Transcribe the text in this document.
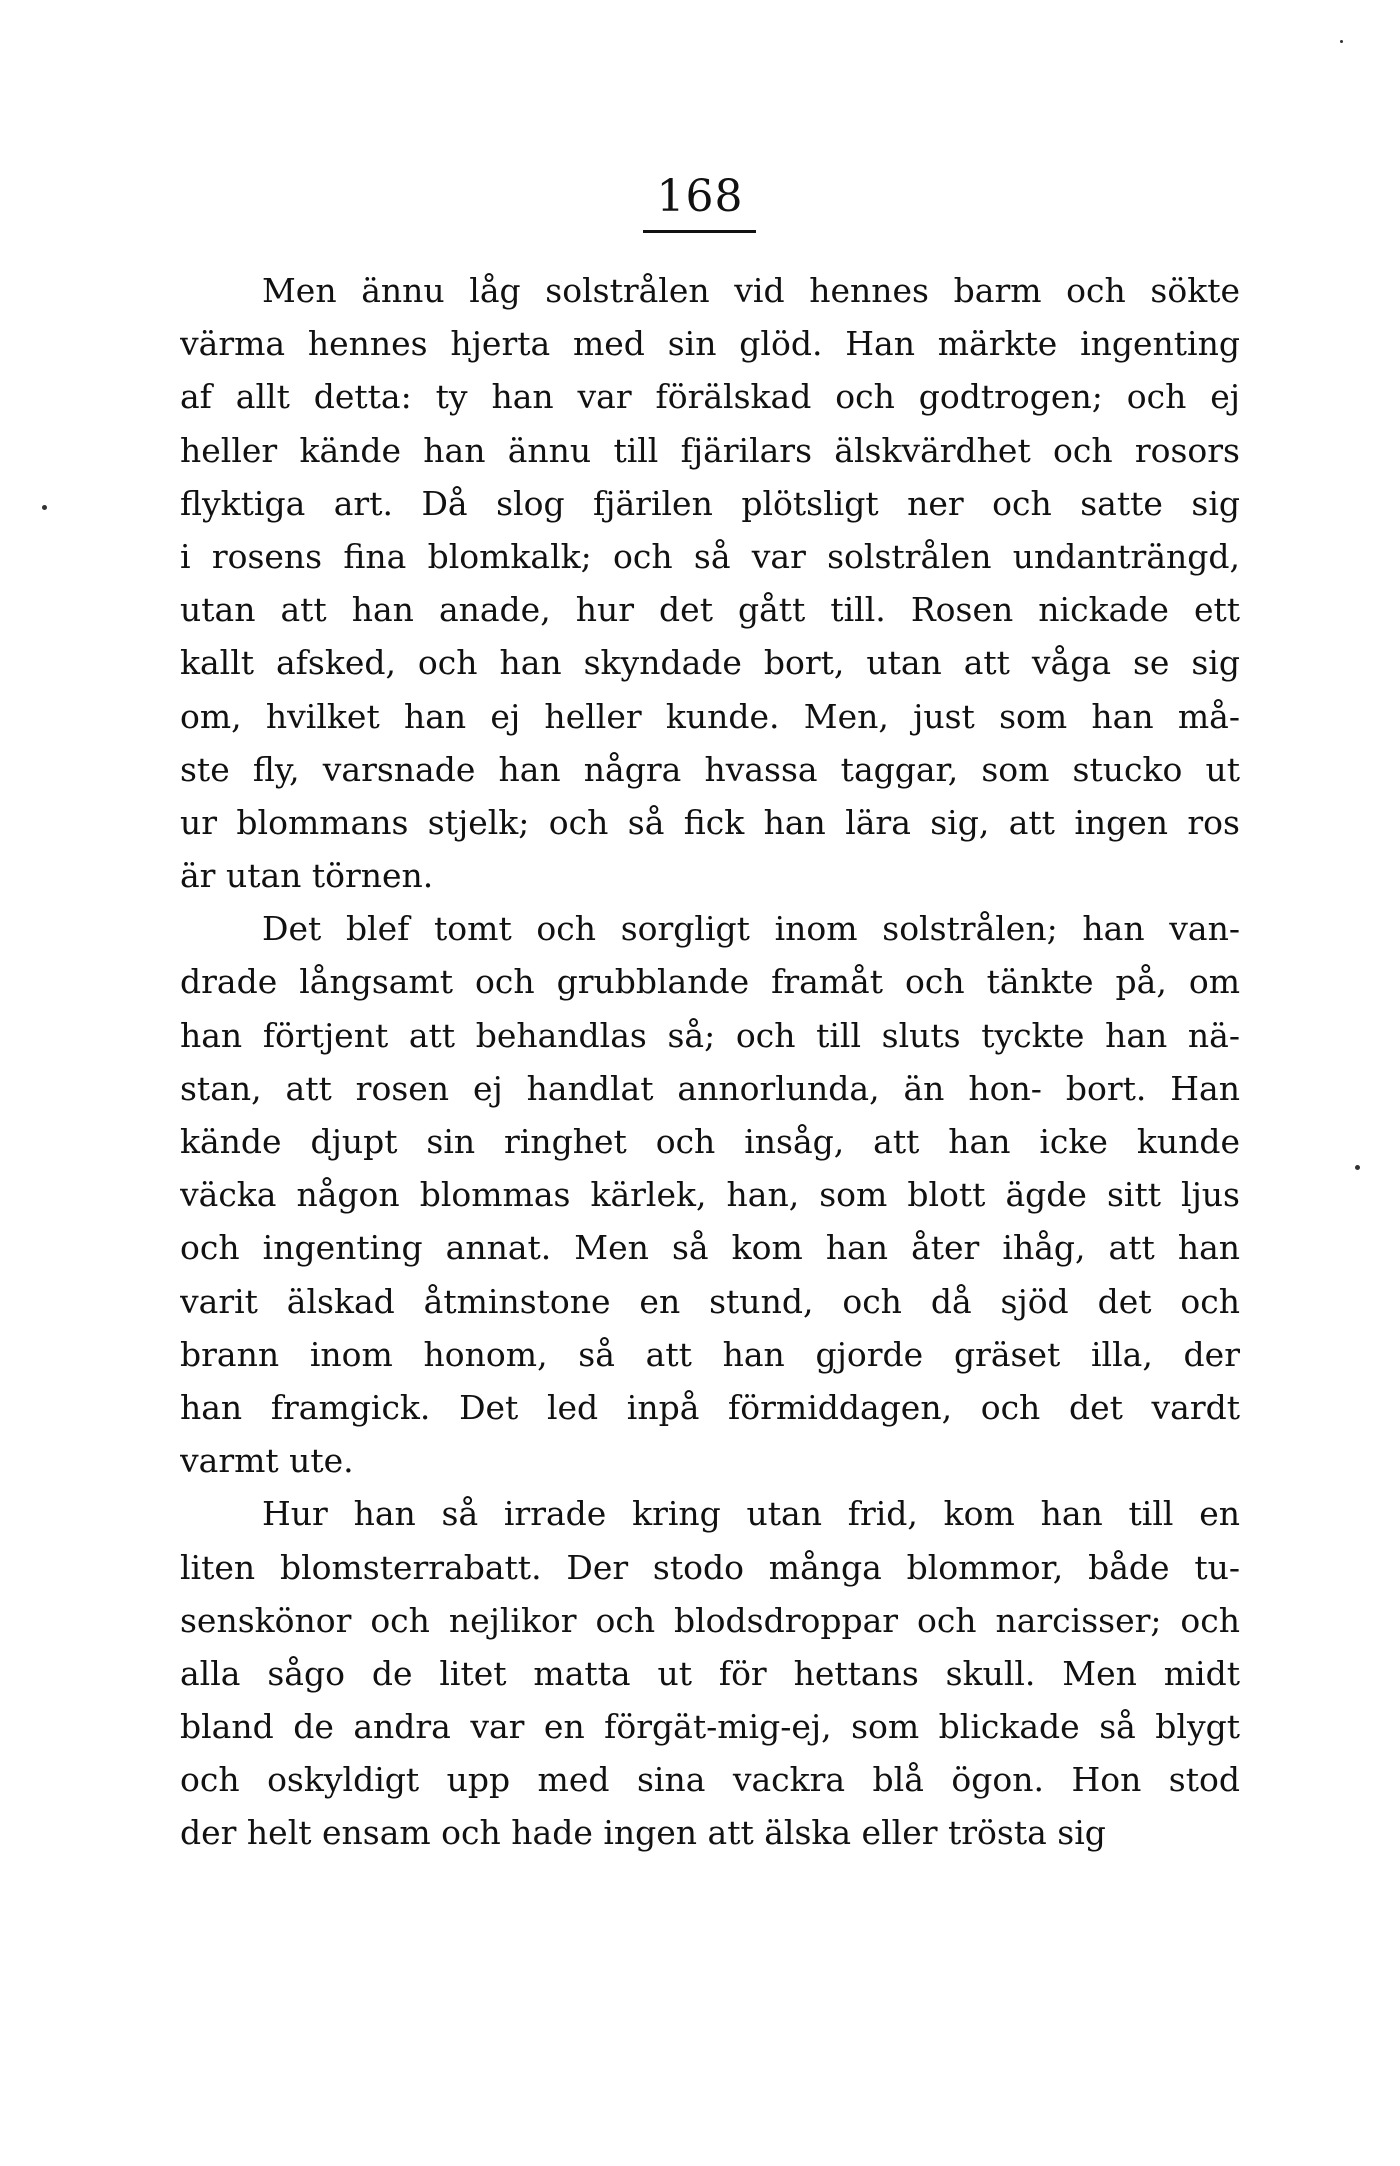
168
Men ännu låg solstrålen vid hennes barm och sökte
värma hennes hjerta med sin glöd. Han märkte ingenting
af allt detta: ty han var förälskad och godtrogen; och ej
heller kände han ännu till fjärilars älskvärdhet och rosors
flyktiga art. Då slog fjärilen plötsligt ner och satte sig
i rosens fina blomkalk; och så var solstrålen undanträngd,
utan att han anade, hur det gått till. Rosen nickade ett
kallt afsked, och han skyndade bort, utan att våga se sig
om, hvilket han ej heller kunde. Men, just som han må-
ste fly, varsnade han några hvassa taggar, som stucko ut
ur blommans stjelk; och så fick han lära sig, att ingen ros
är utan törnen.
Det blef tomt och sorgligt inom solstrålen; han van-
drade långsamt och grubblande framåt och tänkte på, om
han förtjent att behandlas så; och till sluts tyckte han nä-
stan, att rosen ej handlat annorlunda, än hon- bort. Han
kände djupt sin ringhet och insåg, att han icke kunde
väcka någon blommas kärlek, han, som blott ägde sitt ljus
och ingenting annat. Men så kom han åter ihåg, att han
varit älskad åtminstone en stund, och då sjöd det och
brann inom honom, så att han gjorde gräset illa, der
han framgick. Det led inpå förmiddagen, och det vardt
varmt ute.
Hur han så irrade kring utan frid, kom han till en
liten blomsterrabatt. Der stodo många blommor, både tu-
senskönor och nejlikor och blodsdroppar och narcisser; och
alla sågo de litet matta ut för hettans skull. Men midt
bland de andra var en förgät-mig-ej, som blickade så blygt
och oskyldigt upp med sina vackra blå ögon. Hon stod
der helt ensam och hade ingen att älska eller trösta sig
